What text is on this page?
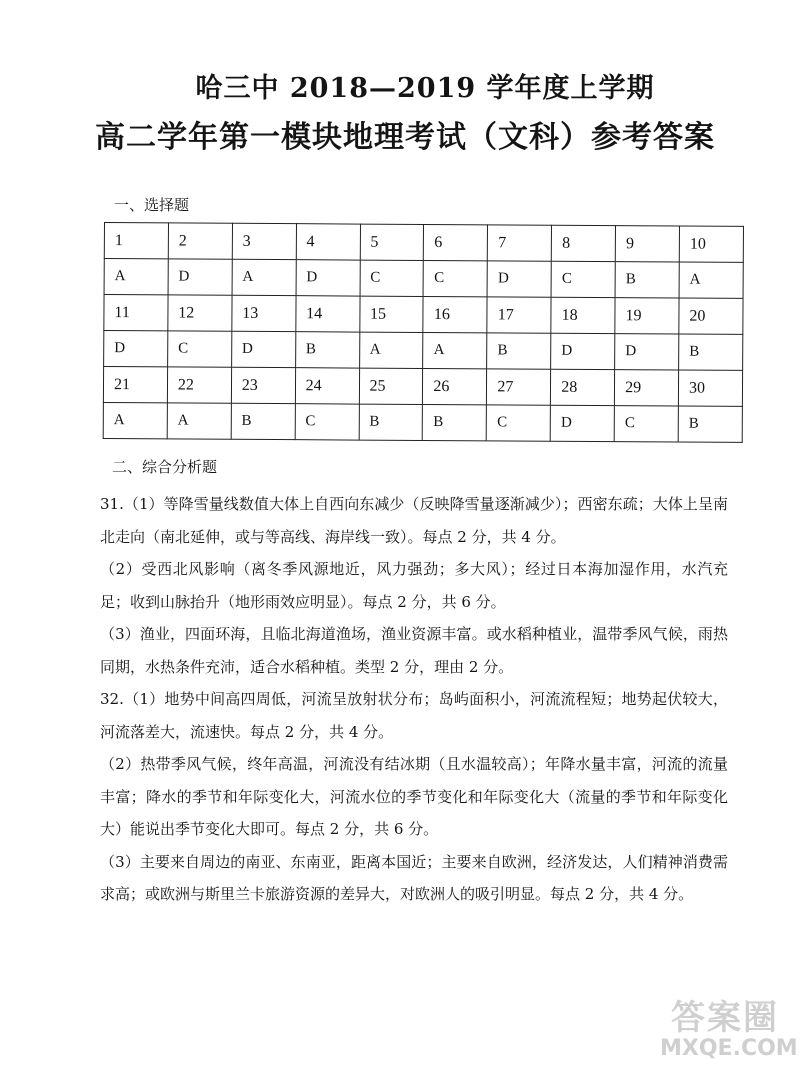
哈三中 2018—2019 学年度上学期
高二学年第一模块地理考试（文科）参考答案
一、选择题
1	2	3	4	5	6	7	8	9	10
A	D	A	D	C	C	D	C	B	A
11	12	13	14	15	16	17	18	19	20
D	C	D	B	A	A	B	D	D	B
21	22	23	24	25	26	27	28	29	30
A	A	B	C	B	B	C	D	C	B
二、综合分析题

31.（1）等降雪量线数值大体上自西向东减少（反映降雪量逐渐减少）；西密东疏；大体上呈南北走向（南北延伸，或与等高线、海岸线一致）。每点 2 分，共 4 分。

（2）受西北风影响（离冬季风源地近，风力强劲；多大风）；经过日本海加湿作用，水汽充足；收到山脉抬升（地形雨效应明显）。每点 2 分，共 6 分。

（3）渔业，四面环海，且临北海道渔场，渔业资源丰富。或水稻种植业，温带季风气候，雨热同期，水热条件充沛，适合水稻种植。类型 2 分，理由 2 分。

32.（1）地势中间高四周低，河流呈放射状分布；岛屿面积小，河流流程短；地势起伏较大，河流落差大，流速快。每点 2 分，共 4 分。

（2）热带季风气候，终年高温，河流没有结冰期（且水温较高）；年降水量丰富，河流的流量丰富；降水的季节和年际变化大，河流水位的季节变化和年际变化大（流量的季节和年际变化大）能说出季节变化大即可。每点 2 分，共 6 分。

（3）主要来自周边的南亚、东南亚，距离本国近；主要来自欧洲，经济发达，人们精神消费需求高；或欧洲与斯里兰卡旅游资源的差异大，对欧洲人的吸引明显。每点 2 分，共 4 分。

答案圈
MXQE.COM
